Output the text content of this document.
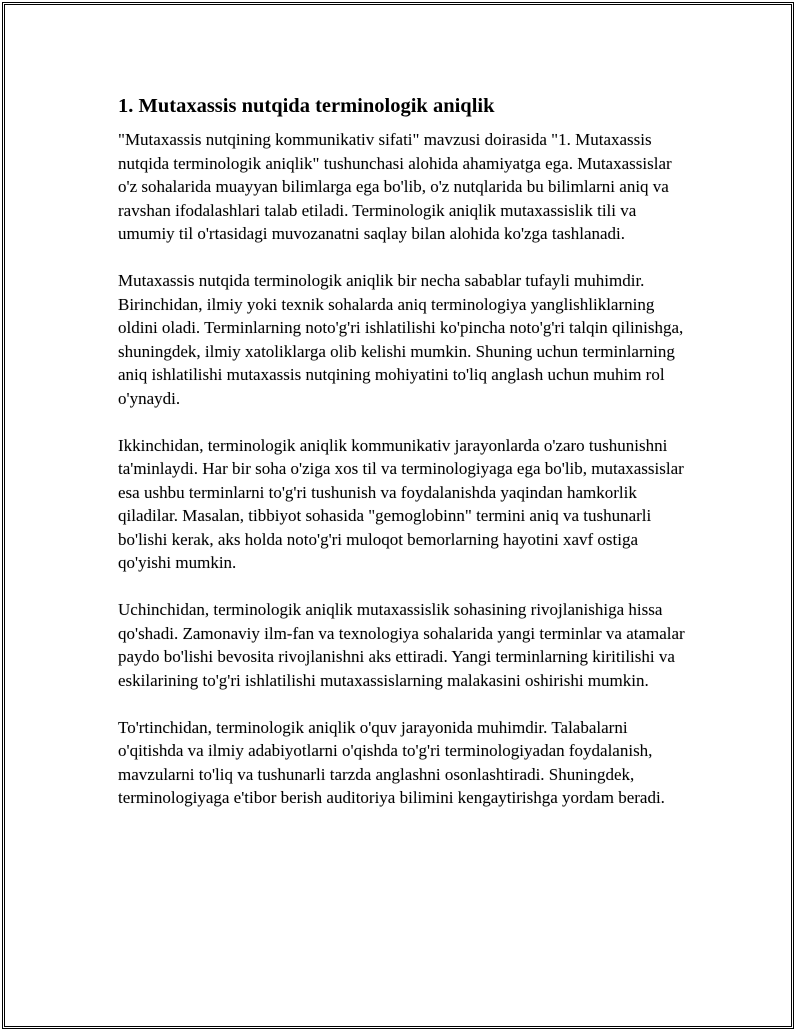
1. Mutaxassis nutqida terminologik aniqlik

"Mutaxassis nutqining kommunikativ sifati" mavzusi doirasida "1. Mutaxassis nutqida terminologik aniqlik" tushunchasi alohida ahamiyatga ega. Mutaxassislar o'z sohalarida muayyan bilimlarga ega bo'lib, o'z nutqlarida bu bilimlarni aniq va ravshan ifodalashlari talab etiladi. Terminologik aniqlik mutaxassislik tili va umumiy til o'rtasidagi muvozanatni saqlay bilan alohida ko'zga tashlanadi.

Mutaxassis nutqida terminologik aniqlik bir necha sabablar tufayli muhimdir. Birinchidan, ilmiy yoki texnik sohalarda aniq terminologiya yanglishliklarning oldini oladi. Terminlarning noto'g'ri ishlatilishi ko'pincha noto'g'ri talqin qilinishga, shuningdek, ilmiy xatoliklarga olib kelishi mumkin. Shuning uchun terminlarning aniq ishlatilishi mutaxassis nutqining mohiyatini to'liq anglash uchun muhim rol o'ynaydi.

Ikkinchidan, terminologik aniqlik kommunikativ jarayonlarda o'zaro tushunishni ta'minlaydi. Har bir soha o'ziga xos til va terminologiyaga ega bo'lib, mutaxassislar esa ushbu terminlarni to'g'ri tushunish va foydalanishda yaqindan hamkorlik qiladilar. Masalan, tibbiyot sohasida "gemoglobinn" termini aniq va tushunarli bo'lishi kerak, aks holda noto'g'ri muloqot bemorlarning hayotini xavf ostiga qo'yishi mumkin.

Uchinchidan, terminologik aniqlik mutaxassislik sohasining rivojlanishiga hissa qo'shadi. Zamonaviy ilm-fan va texnologiya sohalarida yangi terminlar va atamalar paydo bo'lishi bevosita rivojlanishni aks ettiradi. Yangi terminlarning kiritilishi va eskilarining to'g'ri ishlatilishi mutaxassislarning malakasini oshirishi mumkin.

To'rtinchidan, terminologik aniqlik o'quv jarayonida muhimdir. Talabalarni o'qitishda va ilmiy adabiyotlarni o'qishda to'g'ri terminologiyadan foydalanish, mavzularni to'liq va tushunarli tarzda anglashni osonlashtiradi. Shuningdek, terminologiyaga e'tibor berish auditoriya bilimini kengaytirishga yordam beradi.
